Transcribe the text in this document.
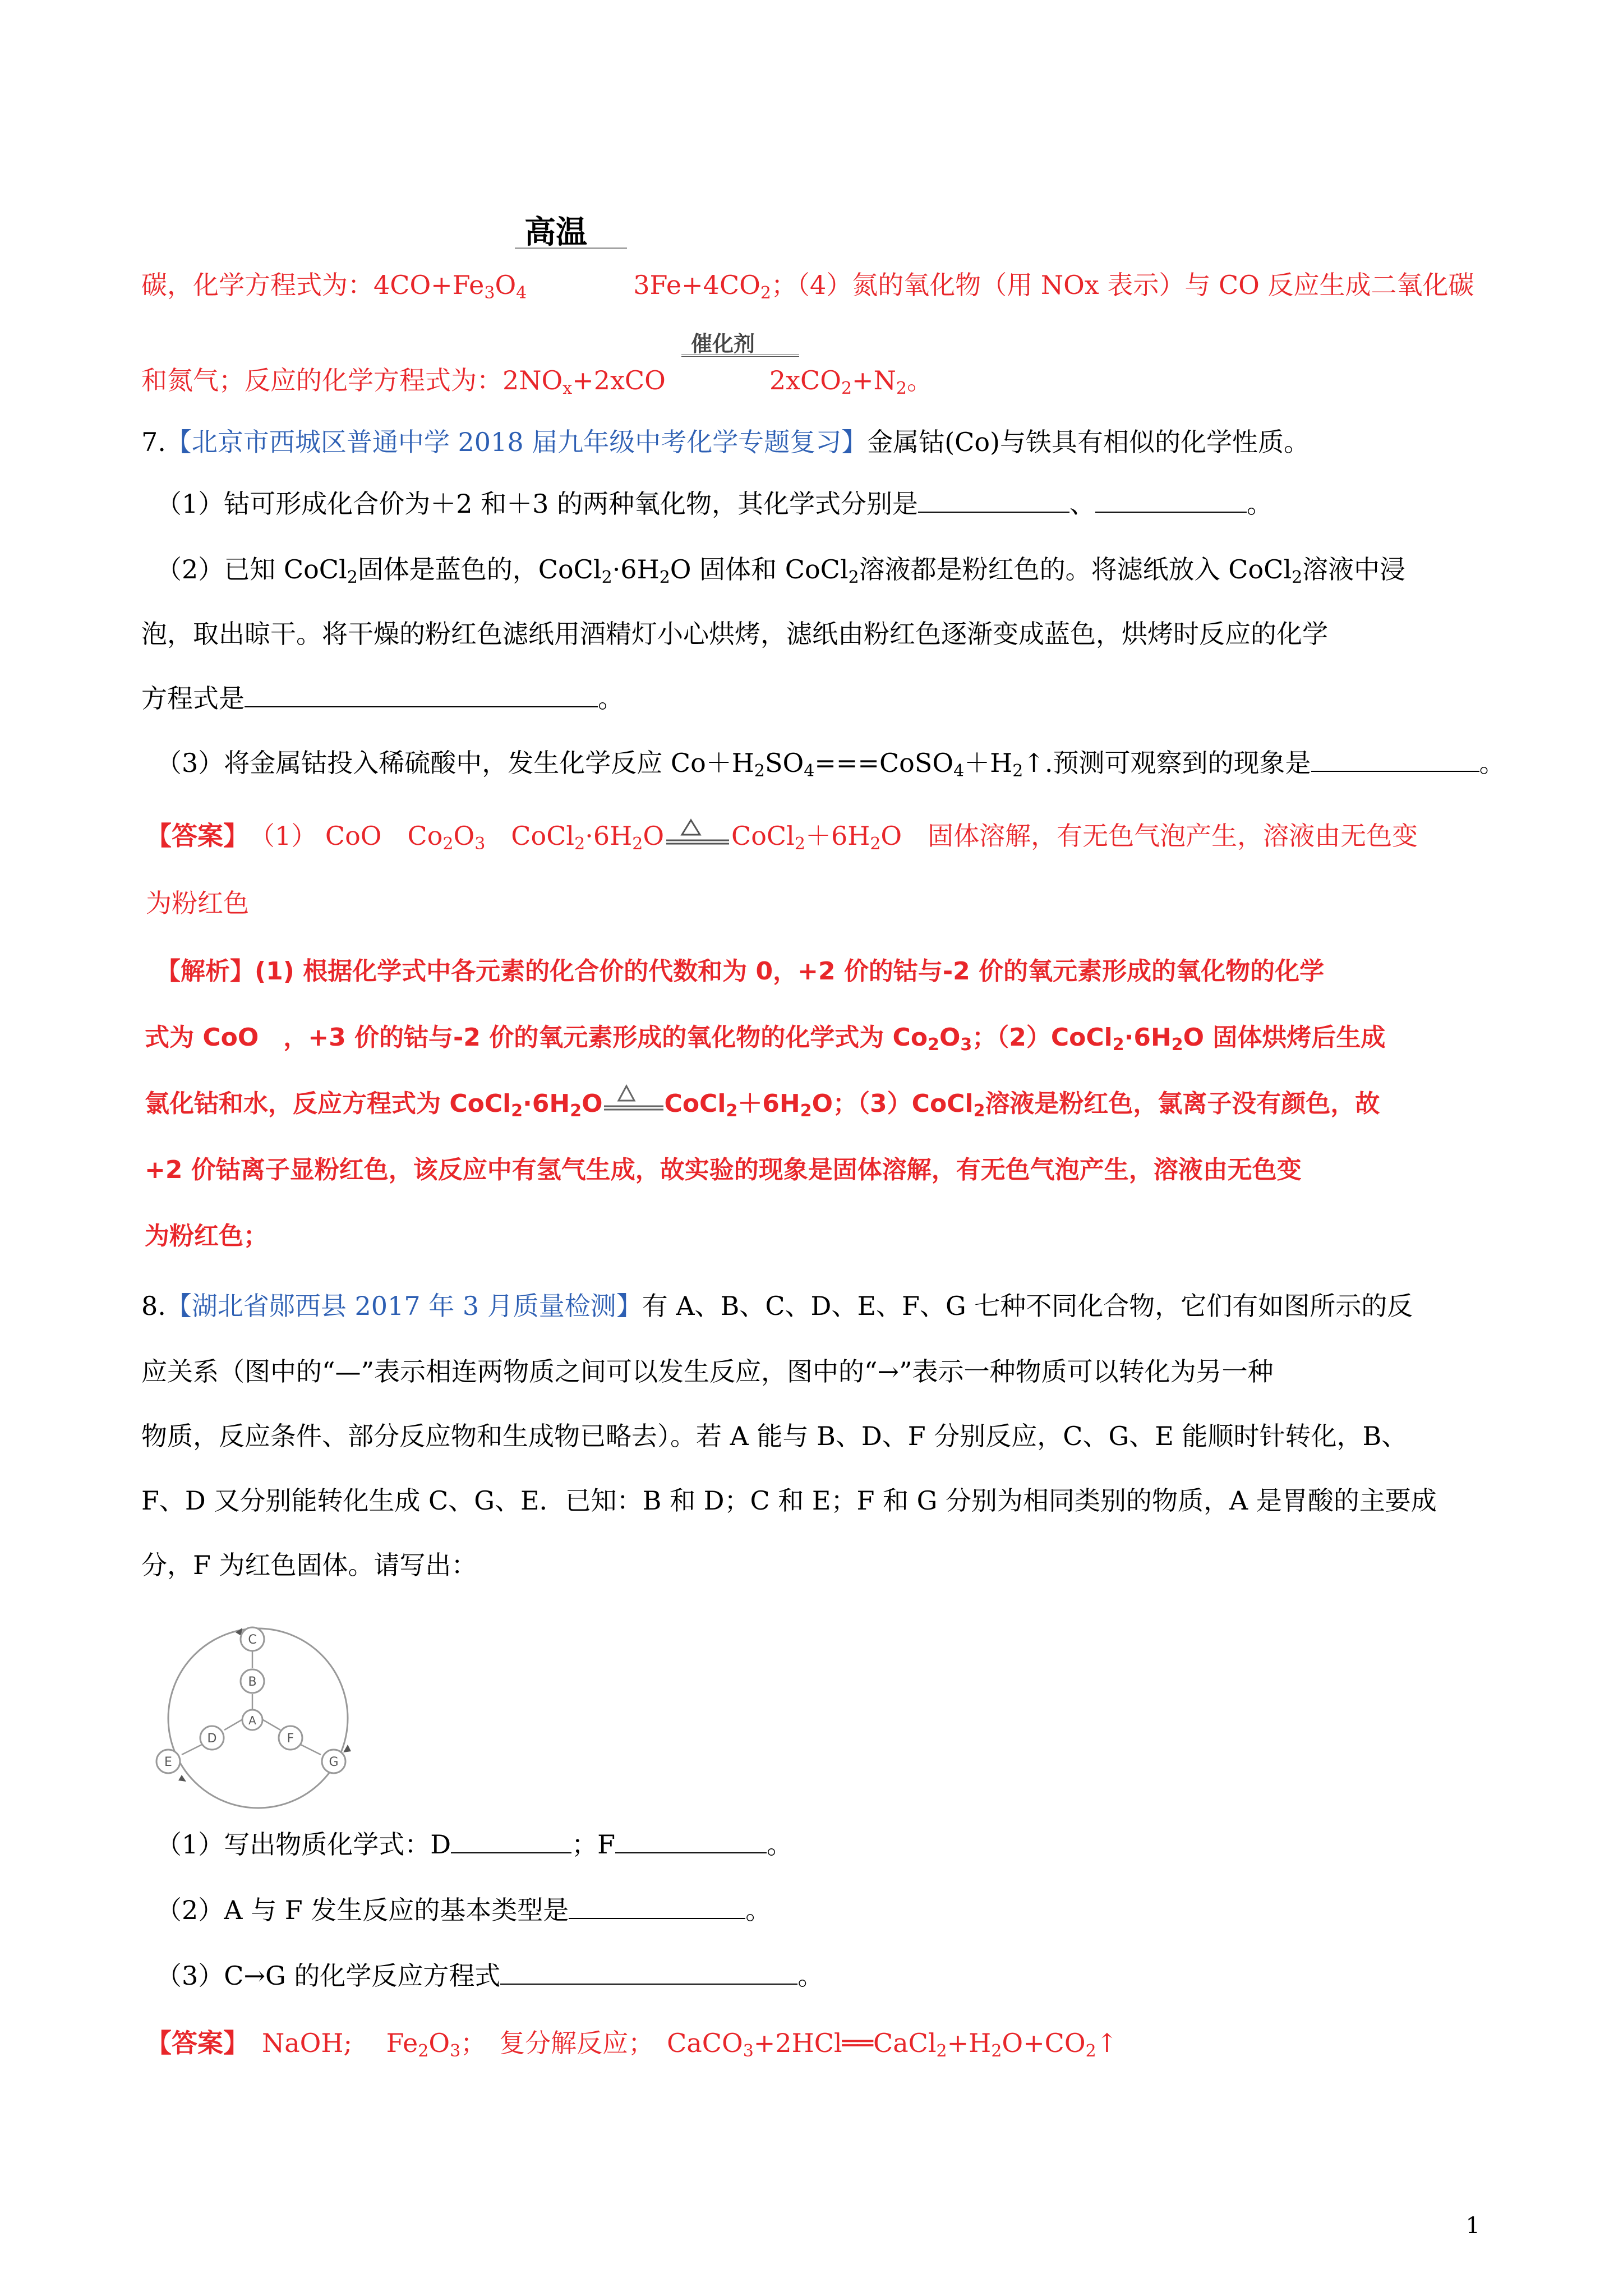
高温
碳，化学方程式为：$4CO+Fe_3O_4$	$3Fe+4CO_2$；（4）氮的氧化物（用 NOx 表示）与 CO 反应生成二氧化碳
催化剂
和氮气；反应的化学方程式为：$2NO_x+2xCO$	$2xCO_2+N_2$。
7.【北京市西城区普通中学 2018 届九年级中考化学专题复习】金属钴(Co)与铁具有相似的化学性质。
（1）钴可形成化合价为＋2 和＋3 的两种氧化物，其化学式分别是	、	。
（2）已知 CoCl$_2$固体是蓝色的，$CoCl_2\cdot 6H_2O$ 固体和 CoCl$_2$溶液都是粉红色的。将滤纸放入 CoCl$_2$溶液中浸
泡，取出晾干。将干燥的粉红色滤纸用酒精灯小心烘烤，滤纸由粉红色逐渐变成蓝色，烘烤时反应的化学
方程式是	。
（3）将金属钴投入稀硫酸中，发生化学反应 $Co+H_2SO_4===CoSO_4+H_2↑$.预测可观察到的现象是	。
【答案】　 （1） CoO　$Co_2O_3$　$CoCl_2\cdot 6H_2O$	$CoCl_2+6H_2O$　固体溶解，有无色气泡产生，溶液由无色变
为粉红色
【解析】(1) 根据化学式中各元素的化合价的代数和为 0，+2 价的钴与-2 价的氧元素形成的氧化物的化学
式为 CoO　，+3 价的钴与-2 价的氧元素形成的氧化物的化学式为 $Co_2O_3$；$(2)CoCl_2\cdot 6H_2O$ 固体烘烤后生成
氯化钴和水，反应方程式为 $CoCl_2\cdot 6H_2O$	$CoCl_2+6H_2O$；（3）CoCl$_2$溶液是粉红色，氯离子没有颜色，故
+2 价钴离子显粉红色，该反应中有氢气生成，故实验的现象是固体溶解，有无色气泡产生，溶液由无色变
为粉红色；
8.【湖北省郧西县 2017 年 3 月质量检测】有 A、B、C、D、E、F、G 七种不同化合物，它们有如图所示的反
应关系（图中的“—”表示相连两物质之间可以发生反应，图中的“→”表示一种物质可以转化为另一种
物质，反应条件、部分反应物和生成物已略去）。若 A 能与 B、D、F 分别反应，C、G、E 能顺时针转化，B、
F、D 又分别能转化生成 C、G、E．已知：B 和 D；C 和 E；F 和 G 分别为相同类别的物质，A 是胃酸的主要成
分，F 为红色固体。请写出：
C
B
A
D	F
E	G
（1）写出物质化学式：D	；F	。
（2）A 与 F 发生反应的基本类型是	。
（3）C→G 的化学反应方程式	。
【答案】　 NaOH;　 $Fe_2O_3$；　复分解反应；　$CaCO_3+2HCl══CaCl_2+H_2O+CO_2↑$
1
